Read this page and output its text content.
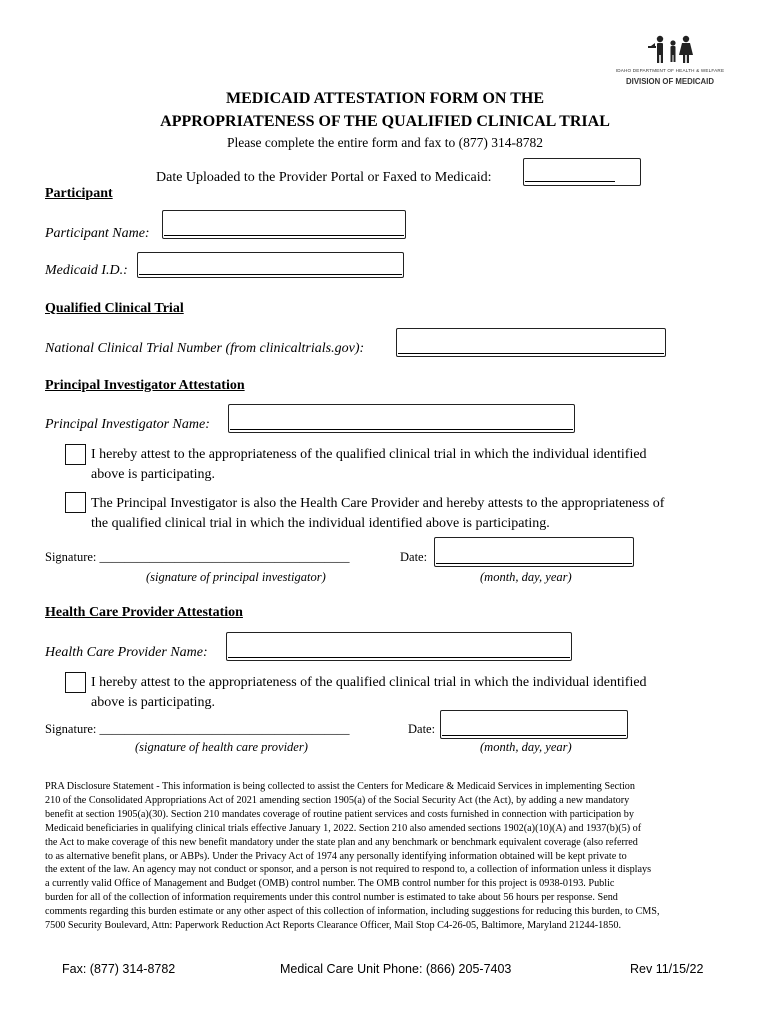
IDAHO DEPARTMENT OF HEALTH & WELFARE
DIVISION OF MEDICAID
MEDICAID ATTESTATION FORM ON THE
APPROPRIATENESS OF THE QUALIFIED CLINICAL TRIAL
Please complete the entire form and fax to (877) 314-8782
Date Uploaded to the Provider Portal or Faxed to Medicaid:
Participant
Participant Name:
Medicaid I.D.:
Qualified Clinical Trial
National Clinical Trial Number (from clinicaltrials.gov):
Principal Investigator Attestation
Principal Investigator Name:
I hereby attest to the appropriateness of the qualified clinical trial in which the individual identified
above is participating.
The Principal Investigator is also the Health Care Provider and hereby attests to the appropriateness of
the qualified clinical trial in which the individual identified above is participating.
Signature: ________________________________________	Date:
(signature of principal investigator)	(month, day, year)
Health Care Provider Attestation
Health Care Provider Name:
I hereby attest to the appropriateness of the qualified clinical trial in which the individual identified
above is participating.
Signature: ________________________________________	Date:
(signature of health care provider)	(month, day, year)
PRA Disclosure Statement - This information is being collected to assist the Centers for Medicare & Medicaid Services in implementing Section
210 of the Consolidated Appropriations Act of 2021 amending section 1905(a) of the Social Security Act (the Act), by adding a new mandatory
benefit at section 1905(a)(30). Section 210 mandates coverage of routine patient services and costs furnished in connection with participation by
Medicaid beneficiaries in qualifying clinical trials effective January 1, 2022. Section 210 also amended sections 1902(a)(10)(A) and 1937(b)(5) of
the Act to make coverage of this new benefit mandatory under the state plan and any benchmark or benchmark equivalent coverage (also referred
to as alternative benefit plans, or ABPs). Under the Privacy Act of 1974 any personally identifying information obtained will be kept private to
the extent of the law. An agency may not conduct or sponsor, and a person is not required to respond to, a collection of information unless it displays
a currently valid Office of Management and Budget (OMB) control number. The OMB control number for this project is 0938-0193. Public
burden for all of the collection of information requirements under this control number is estimated to take about 56 hours per response. Send
comments regarding this burden estimate or any other aspect of this collection of information, including suggestions for reducing this burden, to CMS,
7500 Security Boulevard, Attn: Paperwork Reduction Act Reports Clearance Officer, Mail Stop C4-26-05, Baltimore, Maryland 21244-1850.
Fax: (877) 314-8782	Medical Care Unit Phone: (866) 205-7403	Rev 11/15/22
